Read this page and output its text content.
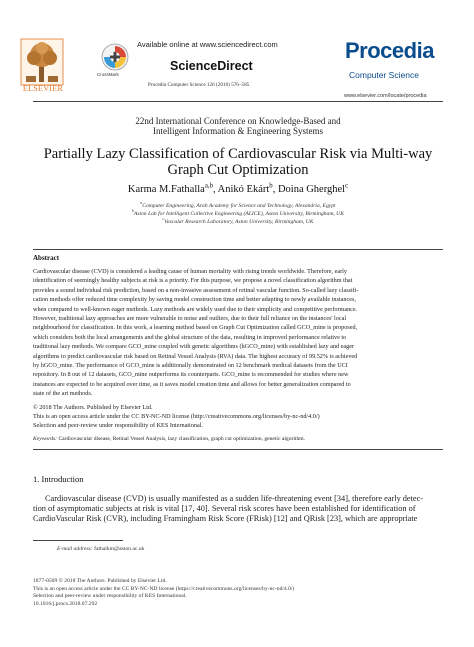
ELSEVIER
Available online at www.sciencedirect.com
CrossMark
ScienceDirect
Procedia Computer Science 126 (2018) 576–585
Procedia
Computer Science
www.elsevier.com/locate/procedia
22nd International Conference on Knowledge-Based and
Intelligent Information & Engineering Systems
Partially Lazy Classification of Cardiovascular Risk via Multi-way
Graph Cut Optimization
Karma M.Fathalla$^{a,b}$, Anikó Ekárt$^b$, Doina Gherghel$^c$
$^a$Computer Engineering, Arab Academy for Science and Technology, Alexandria, Egypt
$^b$Aston Lab for Intelligent Collective Engineering (ALICE), Aston University, Birmingham, UK
$^c$Vascular Research Laboratory, Aston University, Birmingham, UK
Abstract
Cardiovascular disease (CVD) is considered a leading cause of human mortality with rising trends worldwide. Therefore, early
identification of seemingly healthy subjects at risk is a priority. For this purpose, we propose a novel classification algorithm that
provides a sound individual risk prediction, based on a non-invasive assessment of retinal vascular function. So-called lazy classifi-
cation methods offer reduced time complexity by saving model construction time and better adapting to newly available instances,
when compared to well-known eager methods. Lazy methods are widely used due to their simplicity and competitive performance.
However, traditional lazy approaches are more vulnerable to noise and outliers, due to their full reliance on the instances' local
neighbourhood for classification. In this work, a learning method based on Graph Cut Optimization called GCO_mine is proposed,
which considers both the local arrangements and the global structure of the data, resulting in improved performance relative to
traditional lazy methods. We compare GCO_mine coupled with genetic algorithms (hGCO_mine) with established lazy and eager
algorithms to predict cardiovascular risk based on Retinal Vessel Analysis (RVA) data. The highest accuracy of 99.52% is achieved
by hGCO_mine. The performance of GCO_mine is additionally demonstrated on 12 benchmark medical datasets from the UCI
repository. In 8 out of 12 datasets, GCO_mine outperforms its counterparts. GCO_mine is recommended for studies where new
instances are expected to be acquired over time, as it saves model creation time and allows for better generalization compared to
state of the art methods.
© 2018 The Authors. Published by Elsevier Ltd.
This is an open access article under the CC BY-NC-ND license (http://creativecommons.org/licenses/by-nc-nd/4.0/)
Selection and peer-review under responsibility of KES International.
Keywords: Cardiovascular disease, Retinal Vessel Analysis, lazy classification, graph cut optimization, genetic algorithm.
1. Introduction
Cardiovascular disease (CVD) is usually manifested as a sudden life-threatening event [34], therefore early detec-
tion of asymptomatic subjects at risk is vital [17, 40]. Several risk scores have been established for identification of
CardioVascular Risk (CVR), including Framingham Risk Score (FRisk) [12] and QRisk [23], which are appropriate
E-mail address: fathalkm@aston.ac.uk
1877-0509 © 2018 The Authors. Published by Elsevier Ltd.
This is an open access article under the CC BY-NC-ND license (https://creativecommons.org/licenses/by-nc-nd/4.0/)
Selection and peer-review under responsibility of KES International.
10.1016/j.procs.2018.07.292
